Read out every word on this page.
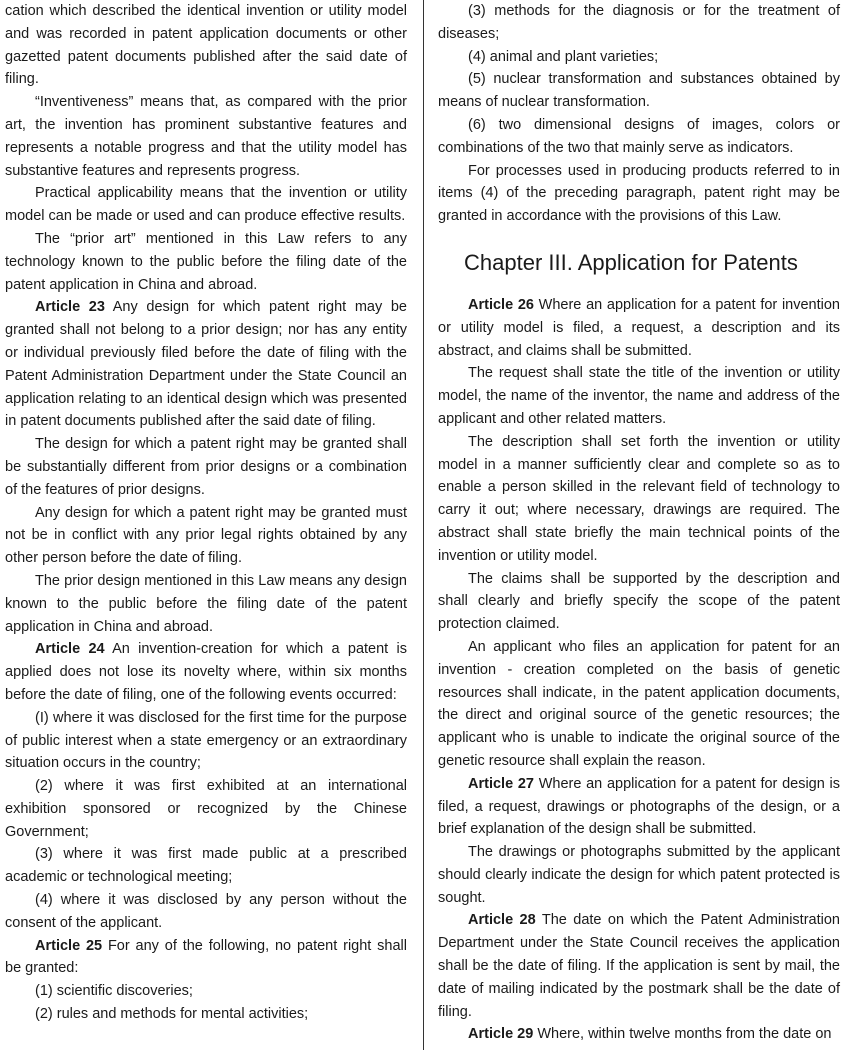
cation which described the identical invention or utility model and was recorded in patent application documents or other gazetted patent documents published after the said date of filing.

“Inventiveness” means that, as compared with the prior art, the invention has prominent substantive features and represents a notable progress and that the utility model has substantive features and represents progress.

Practical applicability means that the invention or utility model can be made or used and can produce effective results.

The “prior art” mentioned in this Law refers to any technology known to the public before the filing date of the patent application in China and abroad.

Article 23 Any design for which patent right may be granted shall not belong to a prior design; nor has any entity or individual previously filed before the date of filing with the Patent Administration Department under the State Council an application relating to an identical design which was presented in patent documents published after the said date of filing.

The design for which a patent right may be granted shall be substantially different from prior designs or a combination of the features of prior designs.

Any design for which a patent right may be granted must not be in conflict with any prior legal rights obtained by any other person before the date of filing.

The prior design mentioned in this Law means any design known to the public before the filing date of the patent application in China and abroad.

Article 24 An invention-creation for which a patent is applied does not lose its novelty where, within six months before the date of filing, one of the following events occurred:

(I) where it was disclosed for the first time for the purpose of public interest when a state emergency or an extraordinary situation occurs in the country;

(2) where it was first exhibited at an international exhibition sponsored or recognized by the Chinese Government;

(3) where it was first made public at a prescribed academic or technological meeting;

(4) where it was disclosed by any person without the consent of the applicant.

Article 25 For any of the following, no patent right shall be granted:

(1) scientific discoveries;

(2) rules and methods for mental activities;

(3) methods for the diagnosis or for the treatment of diseases;

(4) animal and plant varieties;

(5) nuclear transformation and substances obtained by means of nuclear transformation.

(6) two dimensional designs of images, colors or combinations of the two that mainly serve as indicators.

For processes used in producing products referred to in items (4) of the preceding paragraph, patent right may be granted in accordance with the provisions of this Law.

Chapter III. Application for Patents

Article 26 Where an application for a patent for invention or utility model is filed, a request, a description and its abstract, and claims shall be submitted.

The request shall state the title of the invention or utility model, the name of the inventor, the name and address of the applicant and other related matters.

The description shall set forth the invention or utility model in a manner sufficiently clear and complete so as to enable a person skilled in the relevant field of technology to carry it out; where necessary, drawings are required. The abstract shall state briefly the main technical points of the invention or utility model.

The claims shall be supported by the description and shall clearly and briefly specify the scope of the patent protection claimed.

An applicant who files an application for patent for an invention - creation completed on the basis of genetic resources shall indicate, in the patent application documents, the direct and original source of the genetic resources; the applicant who is unable to indicate the original source of the genetic resource shall explain the reason.

Article 27 Where an application for a patent for design is filed, a request, drawings or photographs of the design, or a brief explanation of the design shall be submitted.

The drawings or photographs submitted by the applicant should clearly indicate the design for which patent protected is sought.

Article 28 The date on which the Patent Administration Department under the State Council receives the application shall be the date of filing. If the application is sent by mail, the date of mailing indicated by the postmark shall be the date of filing.

Article 29 Where, within twelve months from the date on
